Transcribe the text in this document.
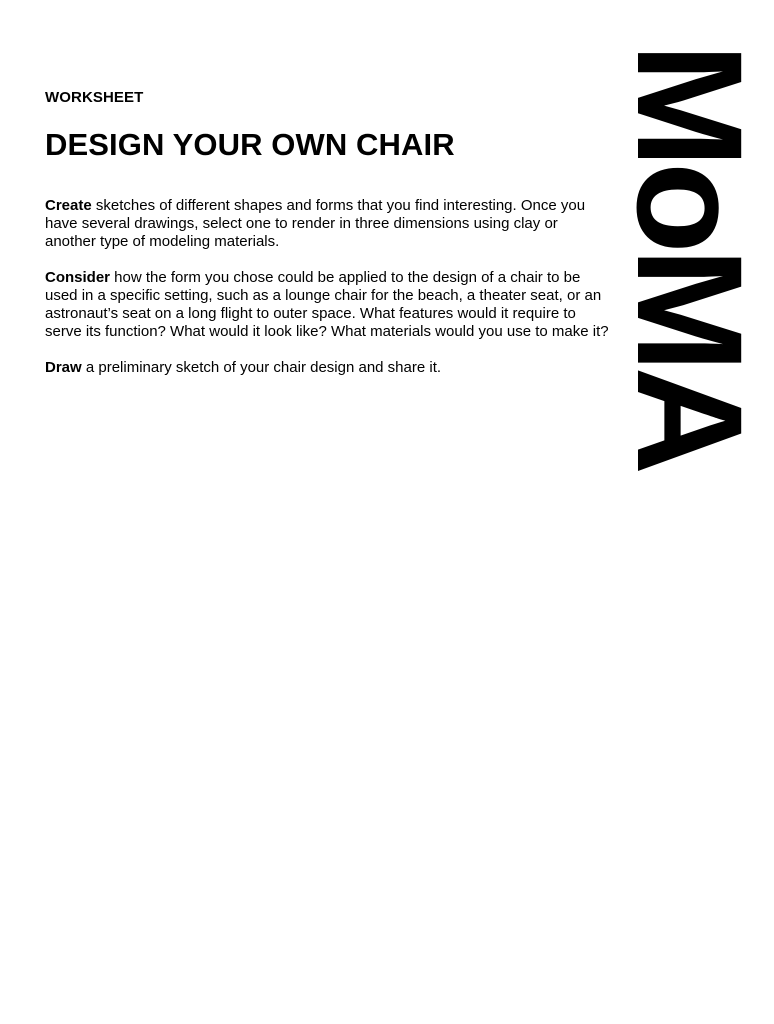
WORKSHEET
DESIGN YOUR OWN CHAIR

Create sketches of different shapes and forms that you find interesting. Once you have several drawings, select one to render in three dimensions using clay or another type of modeling materials.

Consider how the form you chose could be applied to the design of a chair to be used in a specific setting, such as a lounge chair for the beach, a theater seat, or an astronaut’s seat on a long flight to outer space. What features would it require to serve its function? What would it look like? What materials would you use to make it?

Draw a preliminary sketch of your chair design and share it.	MoMA
